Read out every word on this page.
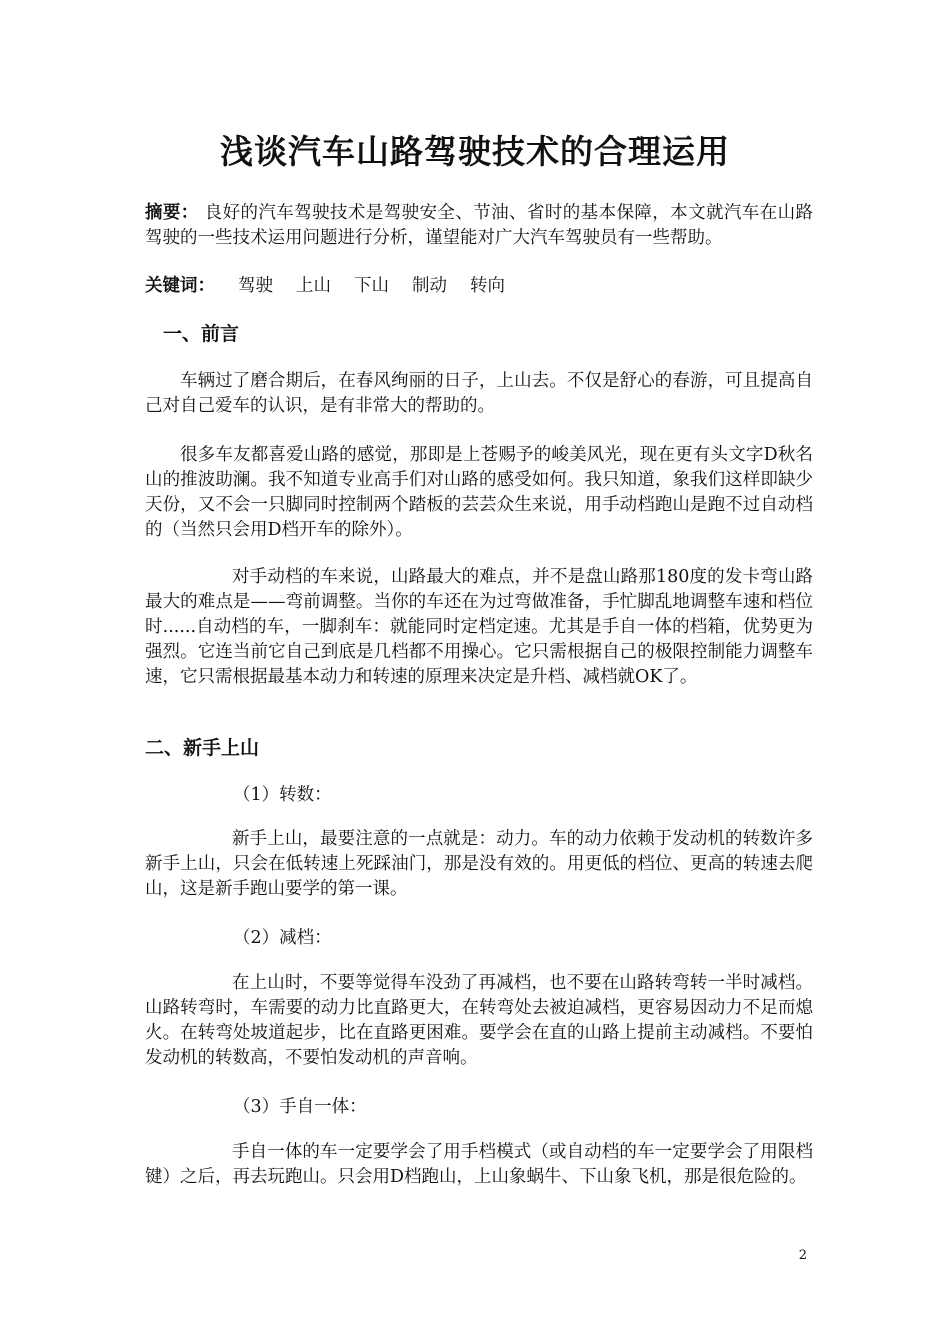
浅谈汽车山路驾驶技术的合理运用

摘要： 良好的汽车驾驶技术是驾驶安全、节油、省时的基本保障，本文就汽车在山路驾驶的一些技术运用问题进行分析，谨望能对广大汽车驾驶员有一些帮助。

关键词： 驾驶 上山 下山 制动 转向

一、前言

车辆过了磨合期后，在春风绚丽的日子，上山去。不仅是舒心的春游，可且提高自己对自己爱车的认识，是有非常大的帮助的。

很多车友都喜爱山路的感觉，那即是上苍赐予的峻美风光，现在更有头文字D秋名山的推波助澜。我不知道专业高手们对山路的感受如何。我只知道，象我们这样即缺少天份，又不会一只脚同时控制两个踏板的芸芸众生来说，用手动档跑山是跑不过自动档的（当然只会用D档开车的除外）。

对手动档的车来说，山路最大的难点，并不是盘山路那180度的发卡弯山路最大的难点是——弯前调整。当你的车还在为过弯做准备，手忙脚乱地调整车速和档位时......自动档的车，一脚刹车：就能同时定档定速。尤其是手自一体的档箱，优势更为强烈。它连当前它自己到底是几档都不用操心。它只需根据自己的极限控制能力调整车速，它只需根据最基本动力和转速的原理来决定是升档、减档就OK了。

二、新手上山

（1）转数：

新手上山，最要注意的一点就是：动力。车的动力依赖于发动机的转数许多新手上山，只会在低转速上死踩油门，那是没有效的。用更低的档位、更高的转速去爬山，这是新手跑山要学的第一课。

（2）减档：

在上山时，不要等觉得车没劲了再减档，也不要在山路转弯转一半时减档。山路转弯时，车需要的动力比直路更大，在转弯处去被迫减档，更容易因动力不足而熄火。在转弯处坡道起步，比在直路更困难。要学会在直的山路上提前主动减档。不要怕发动机的转数高，不要怕发动机的声音响。

（3）手自一体：

手自一体的车一定要学会了用手档模式（或自动档的车一定要学会了用限档键）之后，再去玩跑山。只会用D档跑山，上山象蜗牛、下山象飞机，那是很危险的。

2
